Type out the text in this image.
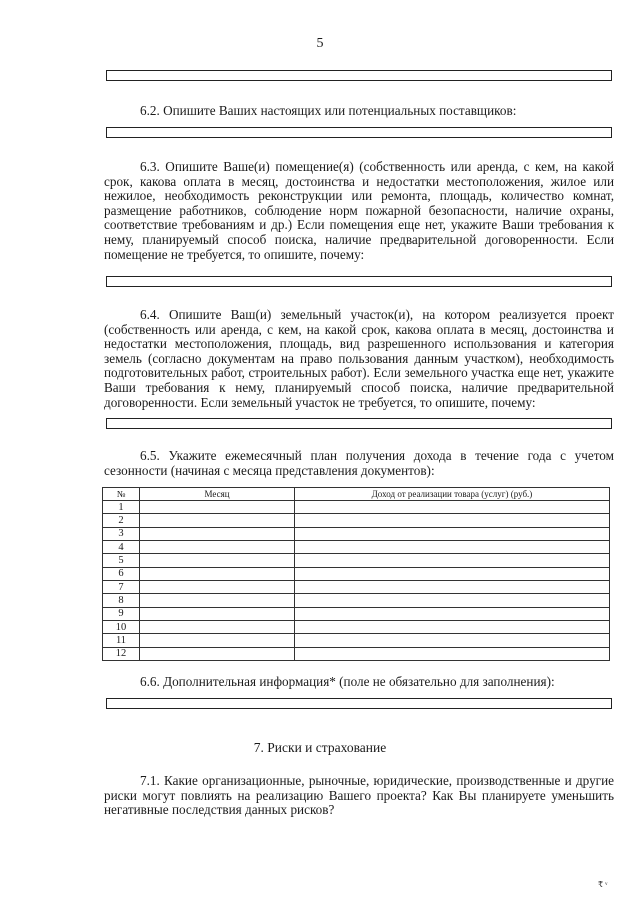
5
6.2. Опишите Ваших настоящих или потенциальных поставщиков:
6.3. Опишите Ваше(и) помещение(я) (собственность или аренда, с кем, на какой срок, какова оплата в месяц, достоинства и недостатки местоположения, жилое или нежилое, необходимость реконструкции или ремонта, площадь, количество комнат, размещение работников, соблюдение норм пожарной безопасности, наличие охраны, соответствие требованиям и др.) Если помещения еще нет, укажите Ваши требования к нему, планируемый способ поиска, наличие предварительной договоренности. Если помещение не требуется, то опишите, почему:
6.4. Опишите Ваш(и) земельный участок(и), на котором реализуется проект (собственность или аренда, с кем, на какой срок, какова оплата в месяц, достоинства и недостатки местоположения, площадь, вид разрешенного использования и категория земель (согласно документам на право пользования данным участком), необходимость подготовительных работ, строительных работ). Если земельного участка еще нет, укажите Ваши требования к нему, планируемый способ поиска, наличие предварительной договоренности. Если земельный участок не требуется, то опишите, почему:
6.5. Укажите ежемесячный план получения дохода в течение года с учетом сезонности (начиная с месяца представления документов):
№	Месяц	Доход от реализации товара (услуг) (руб.)
1		
2		
3		
4		
5		
6		
7		
8		
9		
10		
11		
12		
6.6. Дополнительная информация* (поле не обязательно для заполнения):
7. Риски и страхование
7.1. Какие организационные, рыночные, юридические, производственные и другие риски могут повлиять на реализацию Вашего проекта? Как Вы планируете уменьшить негативные последствия данных рисков?
₹ ᵛ
